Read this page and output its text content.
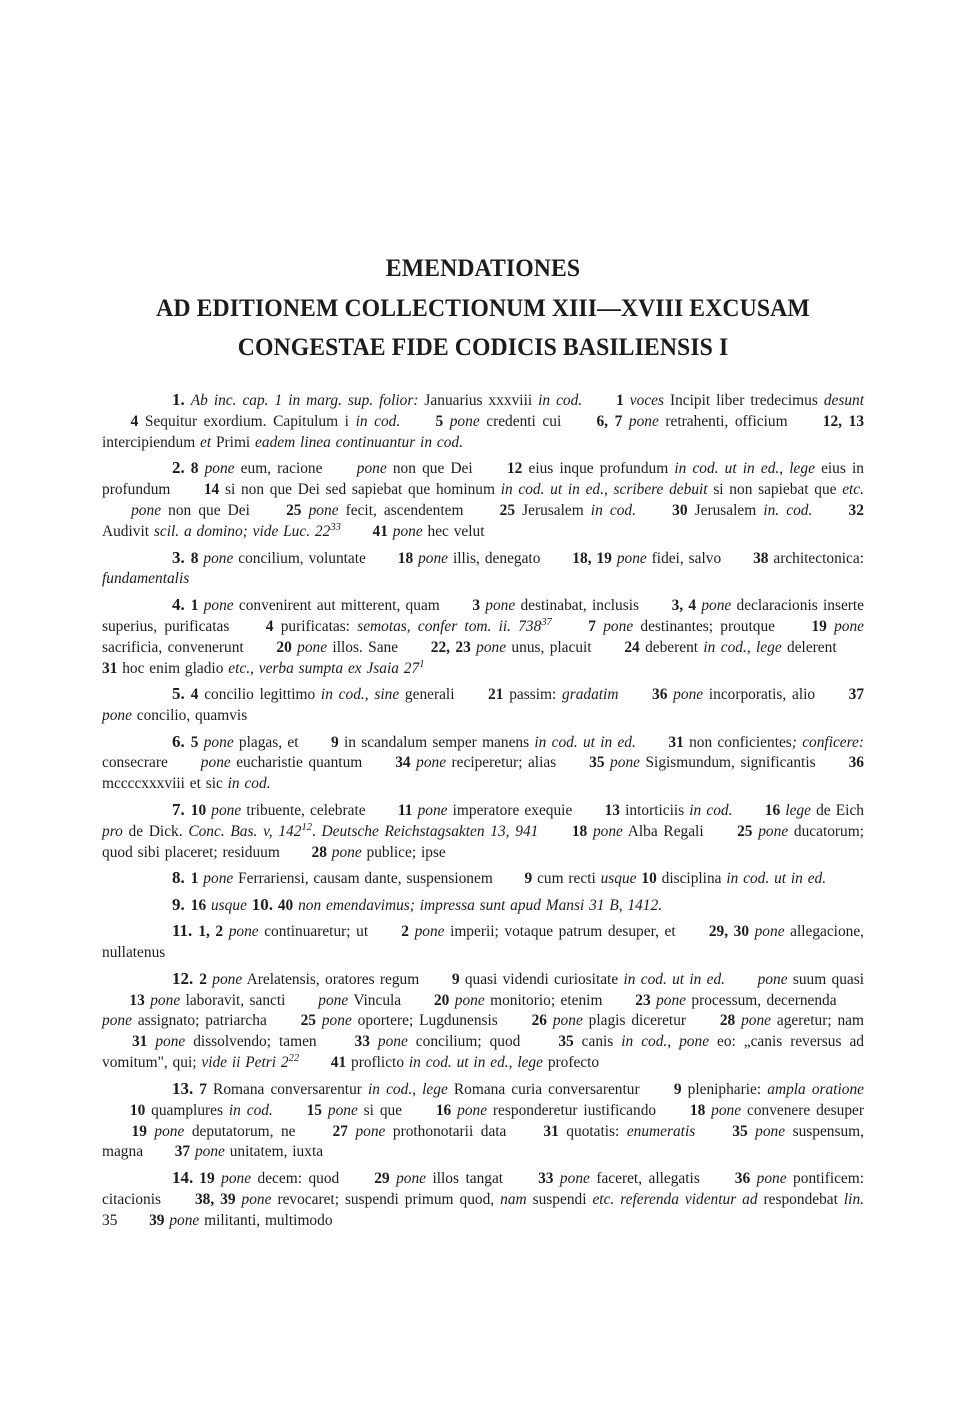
EMENDATIONES
AD EDITIONEM COLLECTIONUM XIII—XVIII EXCUSAM
CONGESTAE FIDE CODICIS BASILIENSIS I

1. Ab inc. cap. 1 in marg. sup. folior: Januarius xxxviii in cod. 1 voces Incipit liber tredecimus desunt  4 Sequitur exordium. Capitulum i in cod. 5 pone credenti cui  6, 7 pone retrahenti, officium  12, 13 intercipiendum et Primi eadem linea continuantur in cod.

2. 8 pone eum, racione  pone non que Dei  12 eius inque profundum in cod. ut in ed., lege eius in profundum  14 si non que Dei sed sapiebat que hominum in cod. ut in ed., scribere debuit si non sapiebat que etc.  pone non que Dei  25 pone fecit, ascendentem  25 Jerusalem in cod. 30 Jerusalem in. cod. 32 Audivit scil. a domino; vide Luc. $22^{33}$ 41 pone hec velut

3. 8 pone concilium, voluntate  18 pone illis, denegato  18, 19 pone fidei, salvo  38 architectonica: fundamentalis

4. 1 pone convenirent aut mitterent, quam  3 pone destinabat, inclusis  3, 4 pone declaracionis inserte superius, purificatas  4 purificatas: semotas, confer tom. ii. $738^{37}$ 7 pone destinantes; proutque  19 pone sacrificia, convenerunt  20 pone illos. Sane  22, 23 pone unus, placuit  24 deberent in cod., lege delerent  31 hoc enim gladio etc., verba sumpta ex Jsaia $27^1$

5. 4 concilio legittimo in cod., sine generali  21 passim: gradatim 36 pone incorporatis, alio  37 pone concilio, quamvis

6. 5 pone plagas, et  9 in scandalum semper manens in cod. ut in ed. 31 non conficientes; conficere: consecrare  pone eucharistie quantum  34 pone reciperetur; alias  35 pone Sigismundum, significantis  36 mccccxxxviii et sic in cod.

7. 10 pone tribuente, celebrate  11 pone imperatore exequie  13 intorticiis in cod. 16 lege de Eich pro de Dick. Conc. Bas. v, $142^{12}$. Deutsche Reichstagsakten 13, 941 18 pone Alba Regali  25 pone ducatorum; quod sibi placeret; residuum  28 pone publice; ipse

8. 1 pone Ferrariensi, causam dante, suspensionem  9 cum recti usque 10 disciplina in cod. ut in ed.

9. 16 usque 10. 40 non emendavimus; impressa sunt apud Mansi 31 B, 1412.

11. 1, 2 pone continuaretur; ut  2 pone imperii; votaque patrum desuper, et  29, 30 pone allegacione, nullatenus

12. 2 pone Arelatensis, oratores regum  9 quasi videndi curiositate in cod. ut in ed. pone suum quasi  13 pone laboravit, sancti  pone Vincula  20 pone monitorio; etenim  23 pone processum, decernenda  pone assignato; patriarcha  25 pone oportere; Lugdunensis  26 pone plagis diceretur  28 pone ageretur; nam  31 pone dissolvendo; tamen  33 pone concilium; quod  35 canis in cod., pone eo: „canis reversus ad vomitum", qui; vide ii Petri $2^{22}$ 41 proflicto in cod. ut in ed., lege profecto

13. 7 Romana conversarentur in cod., lege Romana curia conversarentur  9 plenipharie: ampla oratione  10 quamplures in cod. 15 pone si que  16 pone responderetur iustificando  18 pone convenere desuper  19 pone deputatorum, ne  27 pone prothonotarii data  31 quotatis: enumeratis 35 pone suspensum, magna  37 pone unitatem, iuxta

14. 19 pone decem: quod  29 pone illos tangat  33 pone faceret, allegatis  36 pone pontificem: citacionis  38, 39 pone revocaret; suspendi primum quod, nam suspendi etc. referenda videntur ad respondebat lin. 35  39 pone militanti, multimodo
